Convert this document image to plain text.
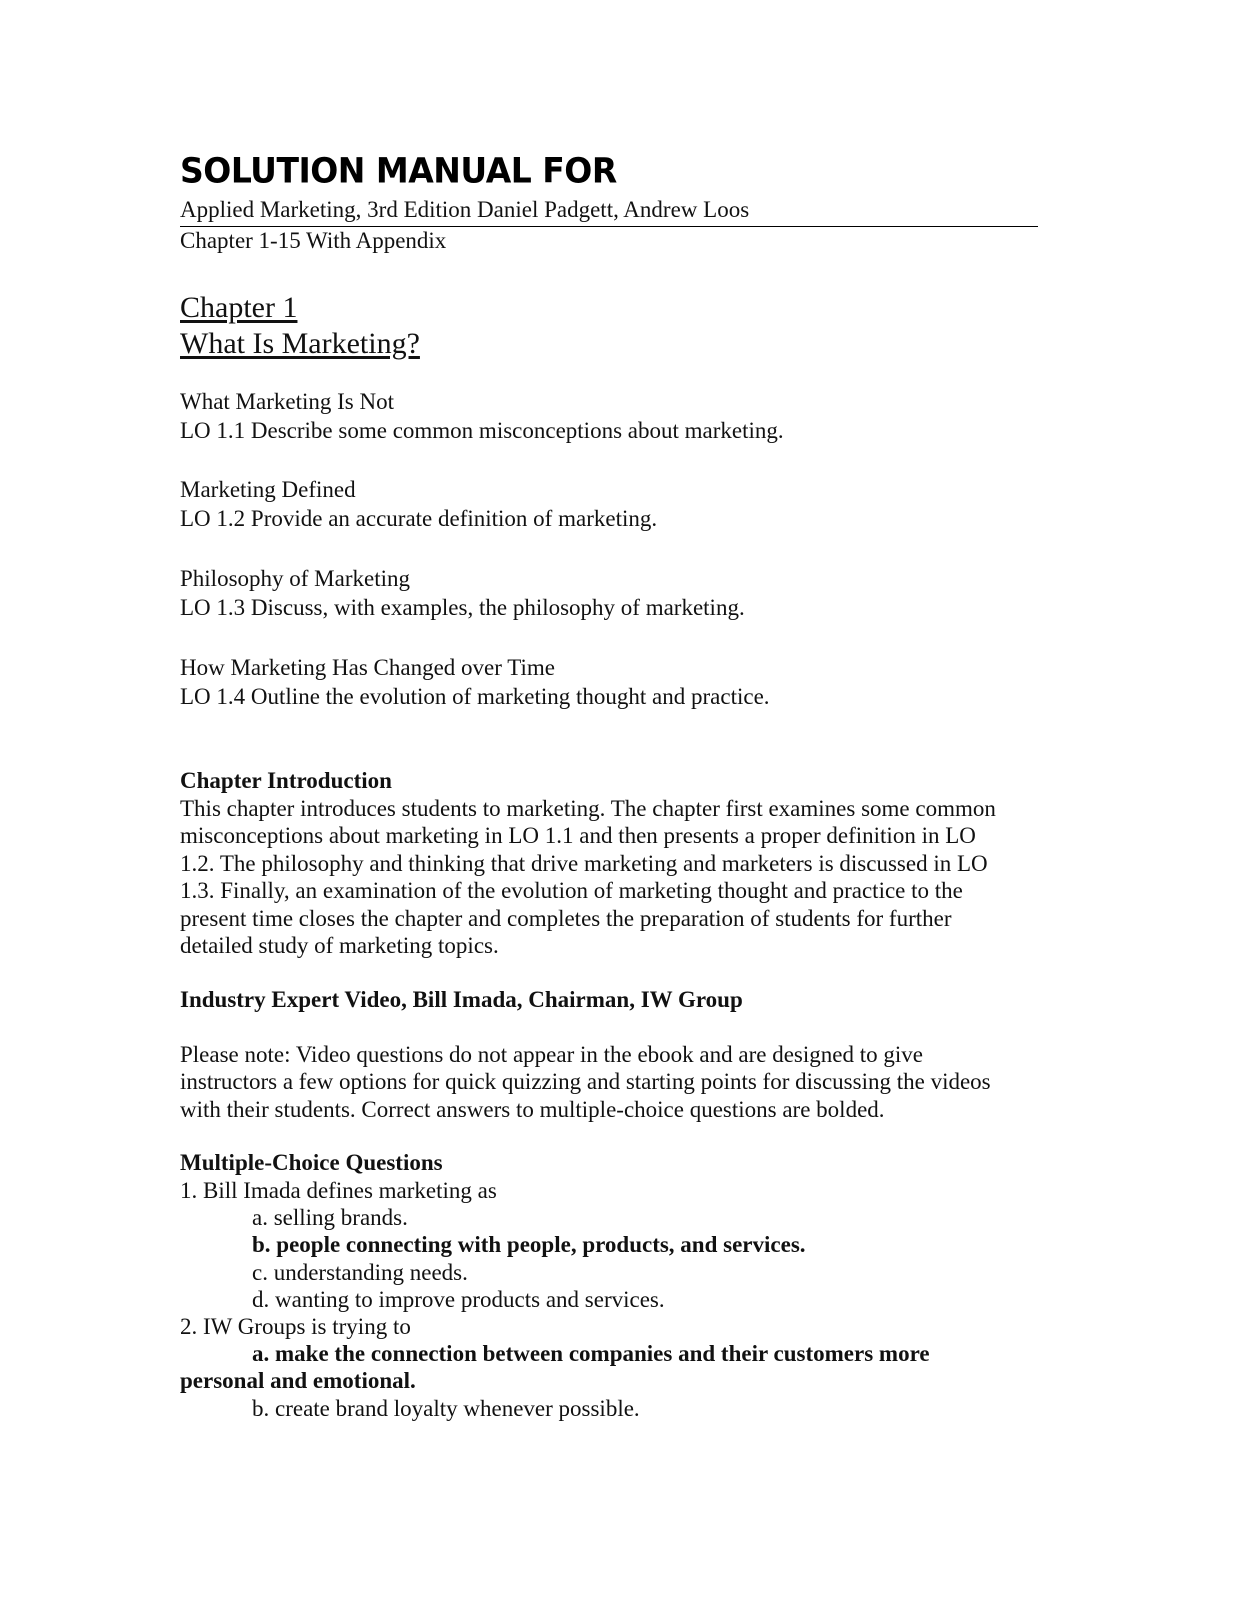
SOLUTION MANUAL FOR
Applied Marketing, 3rd Edition Daniel Padgett, Andrew Loos
Chapter 1-15 With Appendix
Chapter 1
What Is Marketing?
What Marketing Is Not
LO 1.1 Describe some common misconceptions about marketing.
Marketing Defined
LO 1.2 Provide an accurate definition of marketing.
Philosophy of Marketing
LO 1.3 Discuss, with examples, the philosophy of marketing.
How Marketing Has Changed over Time
LO 1.4 Outline the evolution of marketing thought and practice.
Chapter Introduction
This chapter introduces students to marketing. The chapter first examines some common
misconceptions about marketing in LO 1.1 and then presents a proper definition in LO
1.2. The philosophy and thinking that drive marketing and marketers is discussed in LO
1.3. Finally, an examination of the evolution of marketing thought and practice to the
present time closes the chapter and completes the preparation of students for further
detailed study of marketing topics.
Industry Expert Video, Bill Imada, Chairman, IW Group
Please note: Video questions do not appear in the ebook and are designed to give
instructors a few options for quick quizzing and starting points for discussing the videos
with their students. Correct answers to multiple-choice questions are bolded.
Multiple-Choice Questions
1. Bill Imada defines marketing as
a. selling brands.
b. people connecting with people, products, and services.
c. understanding needs.
d. wanting to improve products and services.
2. IW Groups is trying to
a. make the connection between companies and their customers more
personal and emotional.
b. create brand loyalty whenever possible.
